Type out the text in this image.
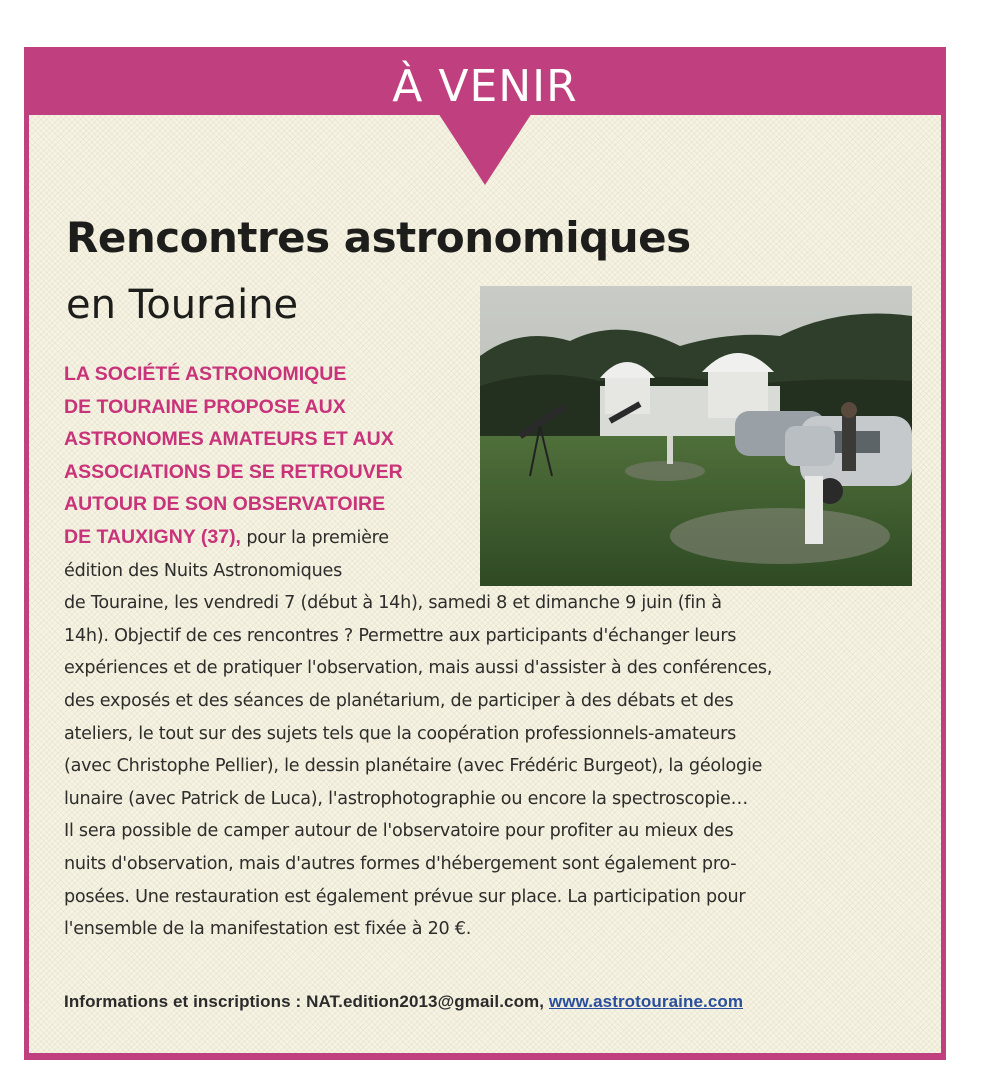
À VENIR
Rencontres astronomiques
en Touraine
LA SOCIÉTÉ ASTRONOMIQUE
DE TOURAINE PROPOSE AUX
ASTRONOMES AMATEURS ET AUX
ASSOCIATIONS DE SE RETROUVER
AUTOUR DE SON OBSERVATOIRE
DE TAUXIGNY (37), pour la première
édition des Nuits Astronomiques
de Touraine, les vendredi 7 (début à 14h), samedi 8 et dimanche 9 juin (fin à
14h). Objectif de ces rencontres ? Permettre aux participants d'échanger leurs
expériences et de pratiquer l'observation, mais aussi d'assister à des conférences,
des exposés et des séances de planétarium, de participer à des débats et des
ateliers, le tout sur des sujets tels que la coopération professionnels-amateurs
(avec Christophe Pellier), le dessin planétaire (avec Frédéric Burgeot), la géologie
lunaire (avec Patrick de Luca), l'astrophotographie ou encore la spectroscopie…
Il sera possible de camper autour de l'observatoire pour profiter au mieux des
nuits d'observation, mais d'autres formes d'hébergement sont également pro-
posées. Une restauration est également prévue sur place. La participation pour
l'ensemble de la manifestation est fixée à 20 €.

Informations et inscriptions : NAT.edition2013@gmail.com, www.astrotouraine.com
